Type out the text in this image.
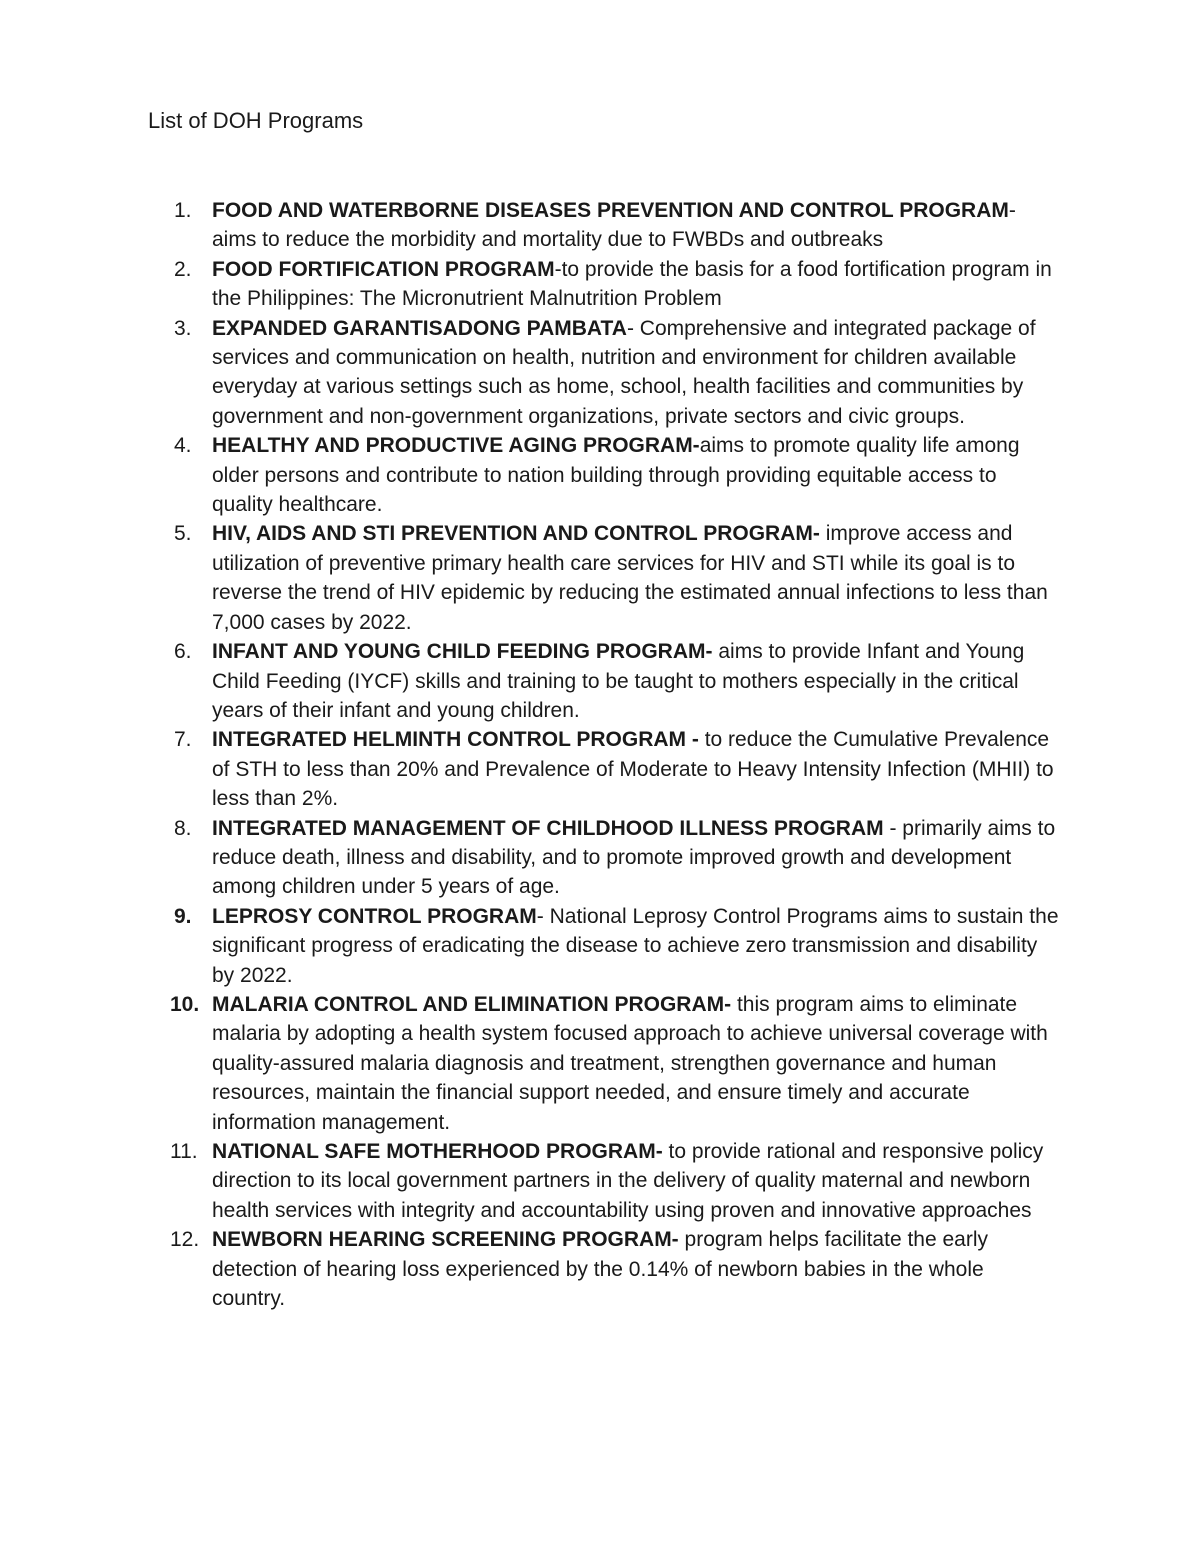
List of DOH Programs
1. FOOD AND WATERBORNE DISEASES PREVENTION AND CONTROL PROGRAM- aims to reduce the morbidity and mortality due to FWBDs and outbreaks
2. FOOD FORTIFICATION PROGRAM-to provide the basis for a food fortification program in the Philippines: The Micronutrient Malnutrition Problem
3. EXPANDED GARANTISADONG PAMBATA- Comprehensive and integrated package of services and communication on health, nutrition and environment for children available everyday at various settings such as home, school, health facilities and communities by government and non-government organizations, private sectors and civic groups.
4. HEALTHY AND PRODUCTIVE AGING PROGRAM-aims to promote quality life among older persons and contribute to nation building through providing equitable access to quality healthcare.
5. HIV, AIDS AND STI PREVENTION AND CONTROL PROGRAM- improve access and utilization of preventive primary health care services for HIV and STI while its goal is to reverse the trend of HIV epidemic by reducing the estimated annual infections to less than 7,000 cases by 2022.
6. INFANT AND YOUNG CHILD FEEDING PROGRAM- aims to provide Infant and Young Child Feeding (IYCF) skills and training to be taught to mothers especially in the critical years of their infant and young children.
7. INTEGRATED HELMINTH CONTROL PROGRAM - to reduce the Cumulative Prevalence of STH to less than 20% and Prevalence of Moderate to Heavy Intensity Infection (MHII) to less than 2%.
8. INTEGRATED MANAGEMENT OF CHILDHOOD ILLNESS PROGRAM - primarily aims to reduce death, illness and disability, and to promote improved growth and development among children under 5 years of age.
9. LEPROSY CONTROL PROGRAM- National Leprosy Control Programs aims to sustain the significant progress of eradicating the disease to achieve zero transmission and disability by 2022.
10. MALARIA CONTROL AND ELIMINATION PROGRAM- this program aims to eliminate malaria by adopting a health system focused approach to achieve universal coverage with quality-assured malaria diagnosis and treatment, strengthen governance and human resources, maintain the financial support needed, and ensure timely and accurate information management.
11. NATIONAL SAFE MOTHERHOOD PROGRAM- to provide rational and responsive policy direction to its local government partners in the delivery of quality maternal and newborn health services with integrity and accountability using proven and innovative approaches
12. NEWBORN HEARING SCREENING PROGRAM- program helps facilitate the early detection of hearing loss experienced by the 0.14% of newborn babies in the whole country.
